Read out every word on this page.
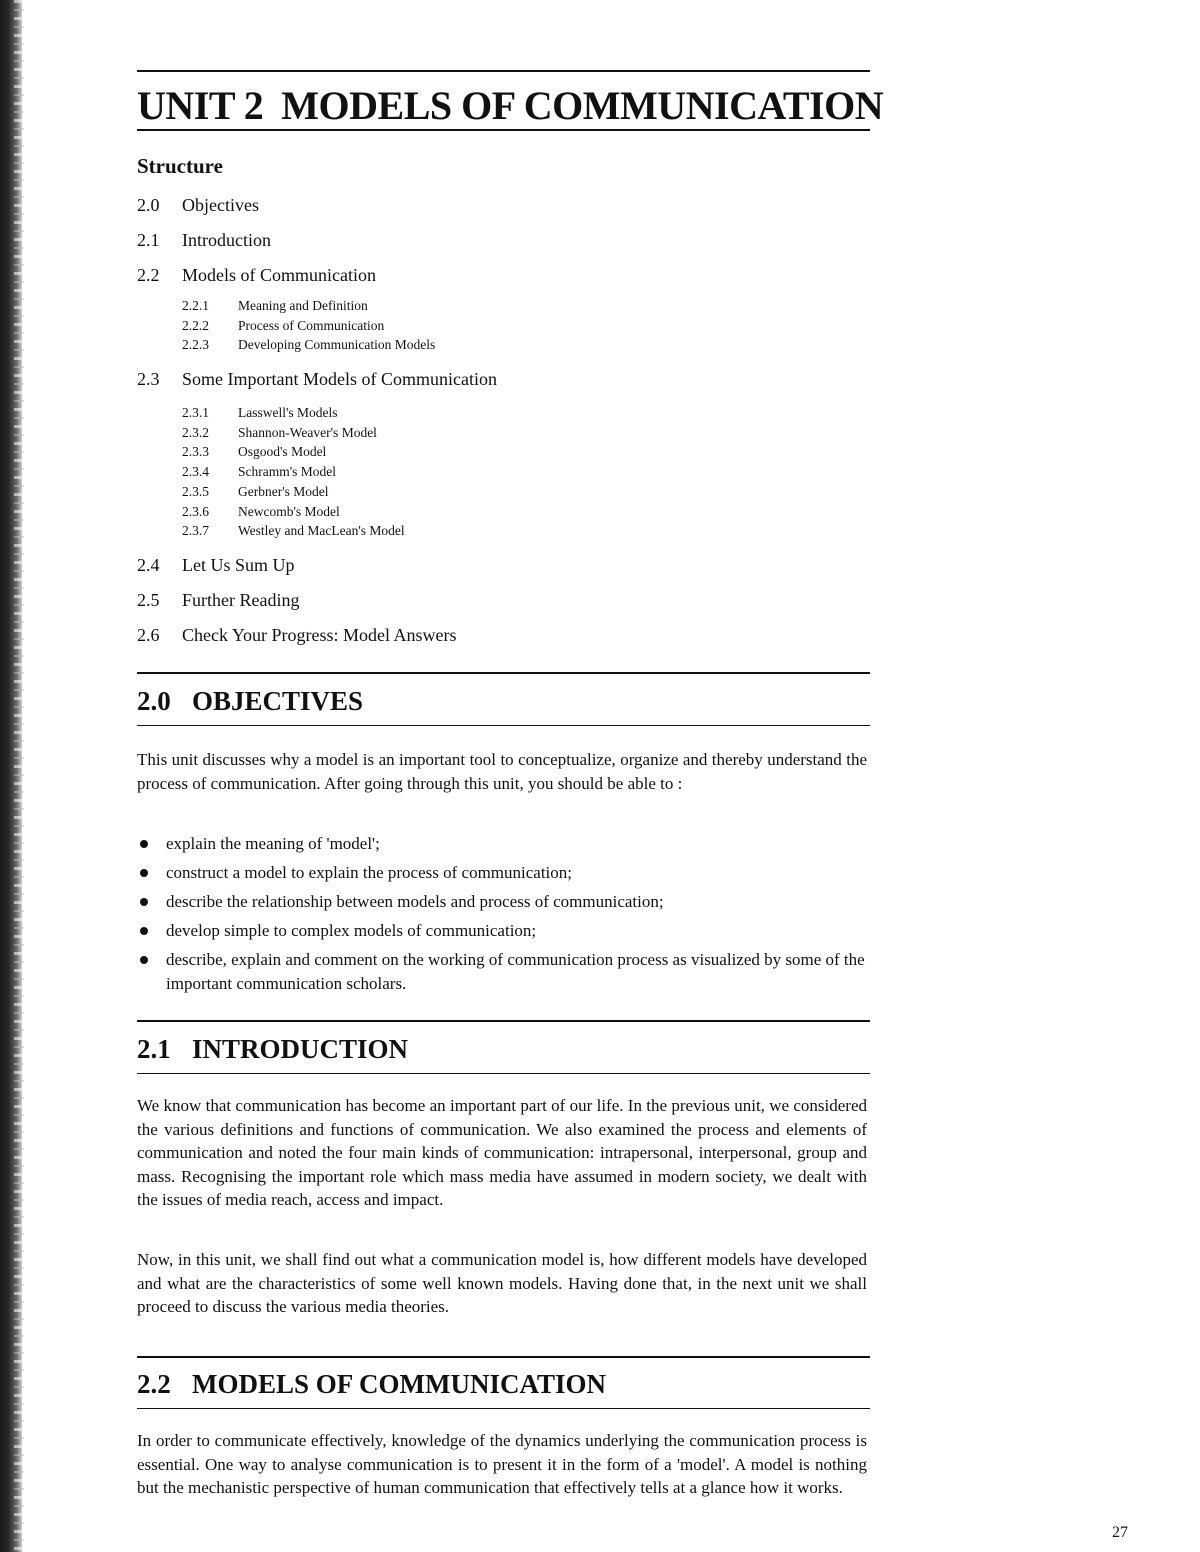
UNIT 2 MODELS OF COMMUNICATION
Structure
2.0 Objectives
2.1 Introduction
2.2 Models of Communication
2.2.1 Meaning and Definition
2.2.2 Process of Communication
2.2.3 Developing Communication Models
2.3 Some Important Models of Communication
2.3.1 Lasswell's Models
2.3.2 Shannon-Weaver's Model
2.3.3 Osgood's Model
2.3.4 Schramm's Model
2.3.5 Gerbner's Model
2.3.6 Newcomb's Model
2.3.7 Westley and MacLean's Model
2.4 Let Us Sum Up
2.5 Further Reading
2.6 Check Your Progress: Model Answers
2.0 OBJECTIVES

This unit discusses why a model is an important tool to conceptualize, organize and thereby understand the process of communication. After going through this unit, you should be able to :

explain the meaning of 'model';
construct a model to explain the process of communication;
describe the relationship between models and process of communication;
develop simple to complex models of communication;
describe, explain and comment on the working of communication process as visualized by some of the important communication scholars.
2.1 INTRODUCTION

We know that communication has become an important part of our life. In the previous unit, we considered the various definitions and functions of communication. We also examined the process and elements of communication and noted the four main kinds of communication: intrapersonal, interpersonal, group and mass. Recognising the important role which mass media have assumed in modern society, we dealt with the issues of media reach, access and impact.

Now, in this unit, we shall find out what a communication model is, how different models have developed and what are the characteristics of some well known models. Having done that, in the next unit we shall proceed to discuss the various media theories.

2.2 MODELS OF COMMUNICATION

In order to communicate effectively, knowledge of the dynamics underlying the communication process is essential. One way to analyse communication is to present it in the form of a 'model'. A model is nothing but the mechanistic perspective of human communication that effectively tells at a glance how it works.

27
